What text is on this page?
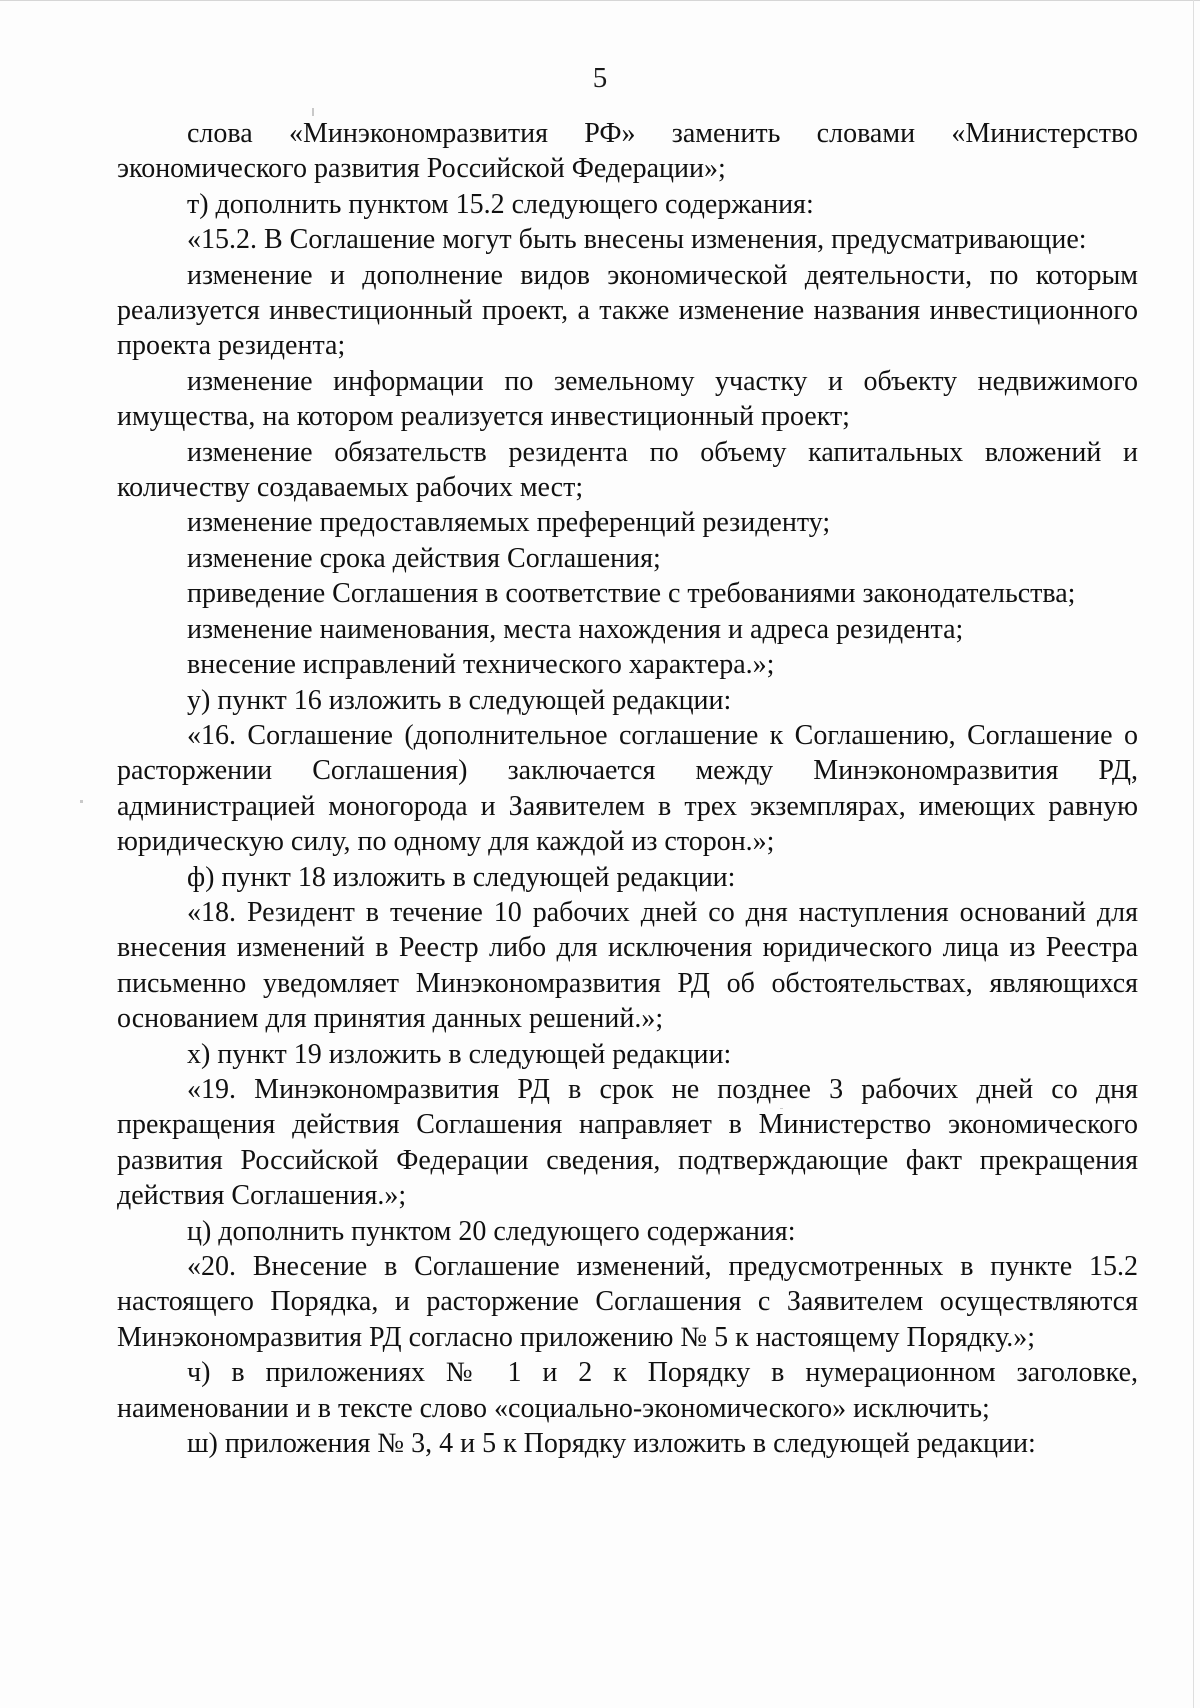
5

слова «Минэкономразвития РФ» заменить словами «Министерство экономического развития Российской Федерации»;

т) дополнить пунктом 15.2 следующего содержания:

«15.2. В Соглашение могут быть внесены изменения, предусматривающие:

изменение и дополнение видов экономической деятельности, по которым реализуется инвестиционный проект, а также изменение названия инвестиционного проекта резидента;

изменение информации по земельному участку и объекту недвижимого имущества, на котором реализуется инвестиционный проект;

изменение обязательств резидента по объему капитальных вложений и количеству создаваемых рабочих мест;

изменение предоставляемых преференций резиденту;

изменение срока действия Соглашения;

приведение Соглашения в соответствие с требованиями законодательства;

изменение наименования, места нахождения и адреса резидента;

внесение исправлений технического характера.»;

у) пункт 16 изложить в следующей редакции:

«16. Соглашение (дополнительное соглашение к Соглашению, Соглашение о расторжении Соглашения) заключается между Минэкономразвития РД, администрацией моногорода и Заявителем в трех экземплярах, имеющих равную юридическую силу, по одному для каждой из сторон.»;

ф) пункт 18 изложить в следующей редакции:

«18. Резидент в течение 10 рабочих дней со дня наступления оснований для внесения изменений в Реестр либо для исключения юридического лица из Реестра письменно уведомляет Минэкономразвития РД об обстоятельствах, являющихся основанием для принятия данных решений.»;

х) пункт 19 изложить в следующей редакции:

«19. Минэкономразвития РД в срок не позднее 3 рабочих дней со дня прекращения действия Соглашения направляет в Министерство экономического развития Российской Федерации сведения, подтверждающие факт прекращения действия Соглашения.»;

ц) дополнить пунктом 20 следующего содержания:

«20. Внесение в Соглашение изменений, предусмотренных в пункте 15.2 настоящего Порядка, и расторжение Соглашения с Заявителем осуществляются Минэкономразвития РД согласно приложению № 5 к настоящему Порядку.»;

ч) в приложениях № 1 и 2 к Порядку в нумерационном заголовке, наименовании и в тексте слово «социально-экономического» исключить;

ш) приложения № 3, 4 и 5 к Порядку изложить в следующей редакции:
